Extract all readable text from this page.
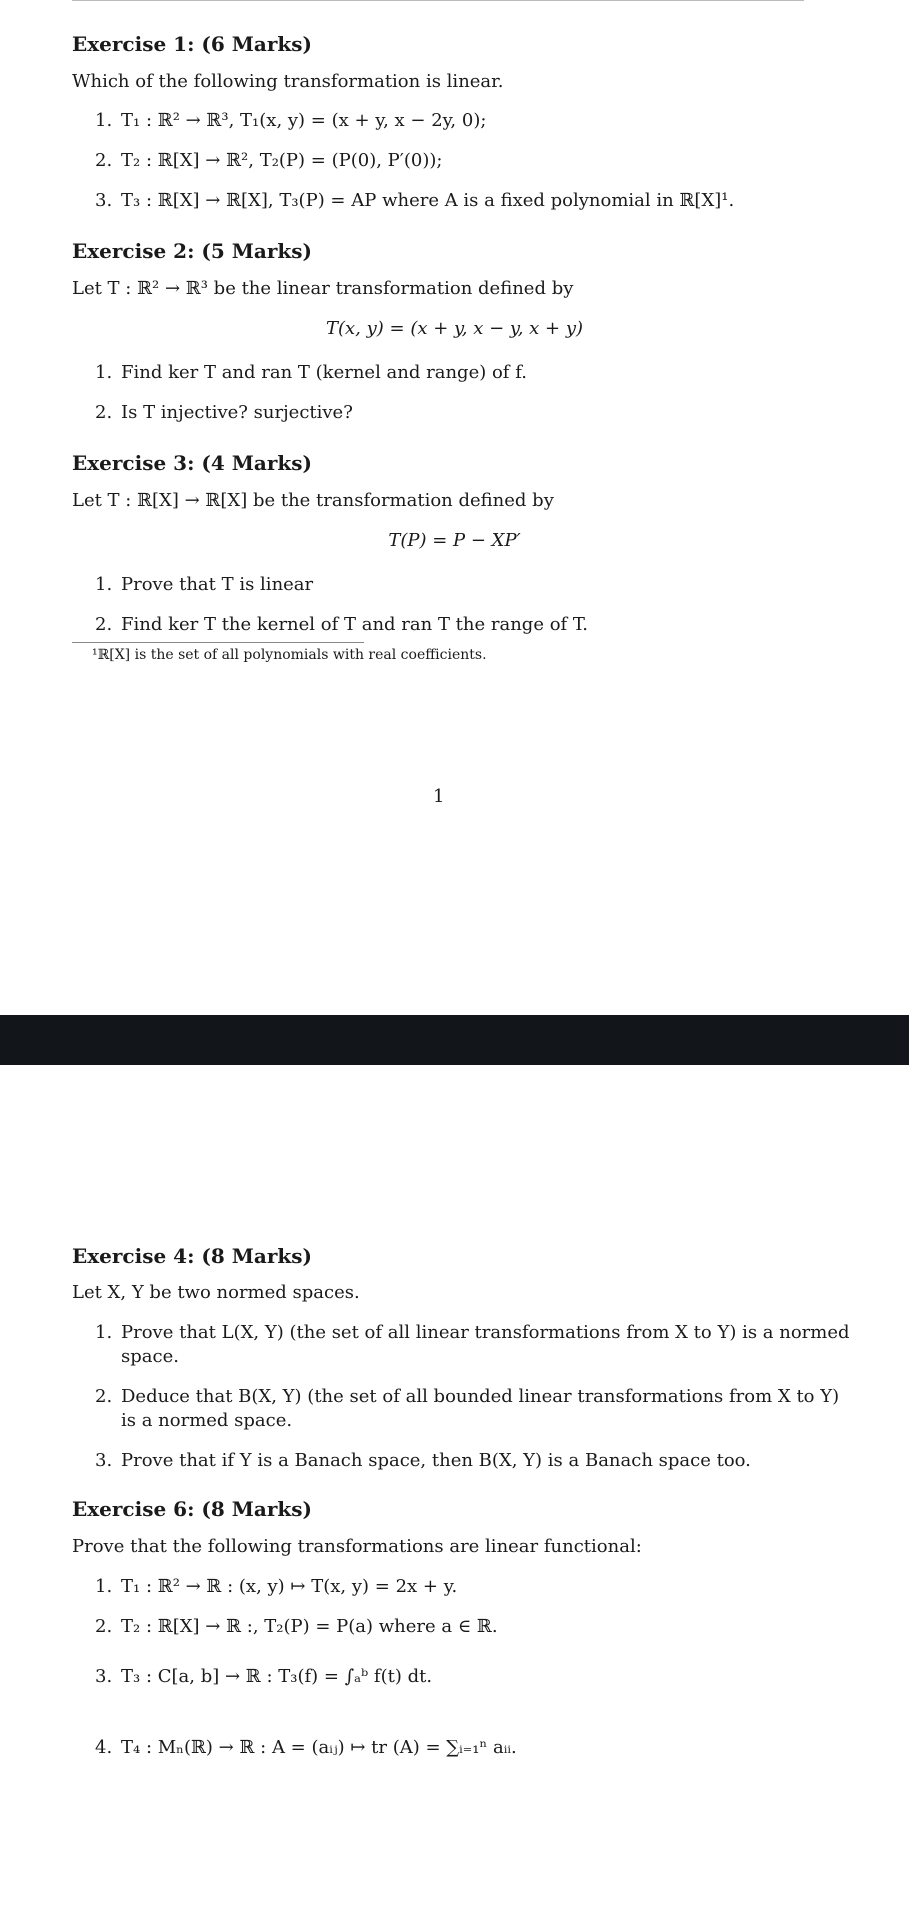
Exercise 1: (6 Marks)
Which of the following transformation is linear.
1. T₁ : ℝ² → ℝ³, T₁(x, y) = (x + y, x − 2y, 0);
2. T₂ : ℝ[X] → ℝ², T₂(P) = (P(0), P′(0));
3. T₃ : ℝ[X] → ℝ[X], T₃(P) = AP where A is a fixed polynomial in ℝ[X]¹.
Exercise 2: (5 Marks)
Let T : ℝ² → ℝ³ be the linear transformation defined by
T(x, y) = (x + y, x − y, x + y)
1. Find ker T and ran T (kernel and range) of f.
2. Is T injective? surjective?
Exercise 3: (4 Marks)
Let T : ℝ[X] → ℝ[X] be the transformation defined by
T(P) = P − XP′
1. Prove that T is linear
2. Find ker T the kernel of T and ran T the range of T.
¹ℝ[X] is the set of all polynomials with real coefficients.
1
Exercise 4: (8 Marks)
Let X, Y be two normed spaces.
1. Prove that L(X, Y) (the set of all linear transformations from X to Y) is a normed
space.
2. Deduce that B(X, Y) (the set of all bounded linear transformations from X to Y)
is a normed space.
3. Prove that if Y is a Banach space, then B(X, Y) is a Banach space too.
Exercise 6: (8 Marks)
Prove that the following transformations are linear functional:
1. T₁ : ℝ² → ℝ : (x, y) ↦ T(x, y) = 2x + y.
2. T₂ : ℝ[X] → ℝ :, T₂(P) = P(a) where a ∈ ℝ.
3. T₃ : C[a, b] → ℝ : T₃(f) = ∫ₐᵇ f(t) dt.
4. T₄ : Mₙ(ℝ) → ℝ : A = (aᵢⱼ) ↦ tr (A) = ∑ᵢ₌₁ⁿ aᵢᵢ.
